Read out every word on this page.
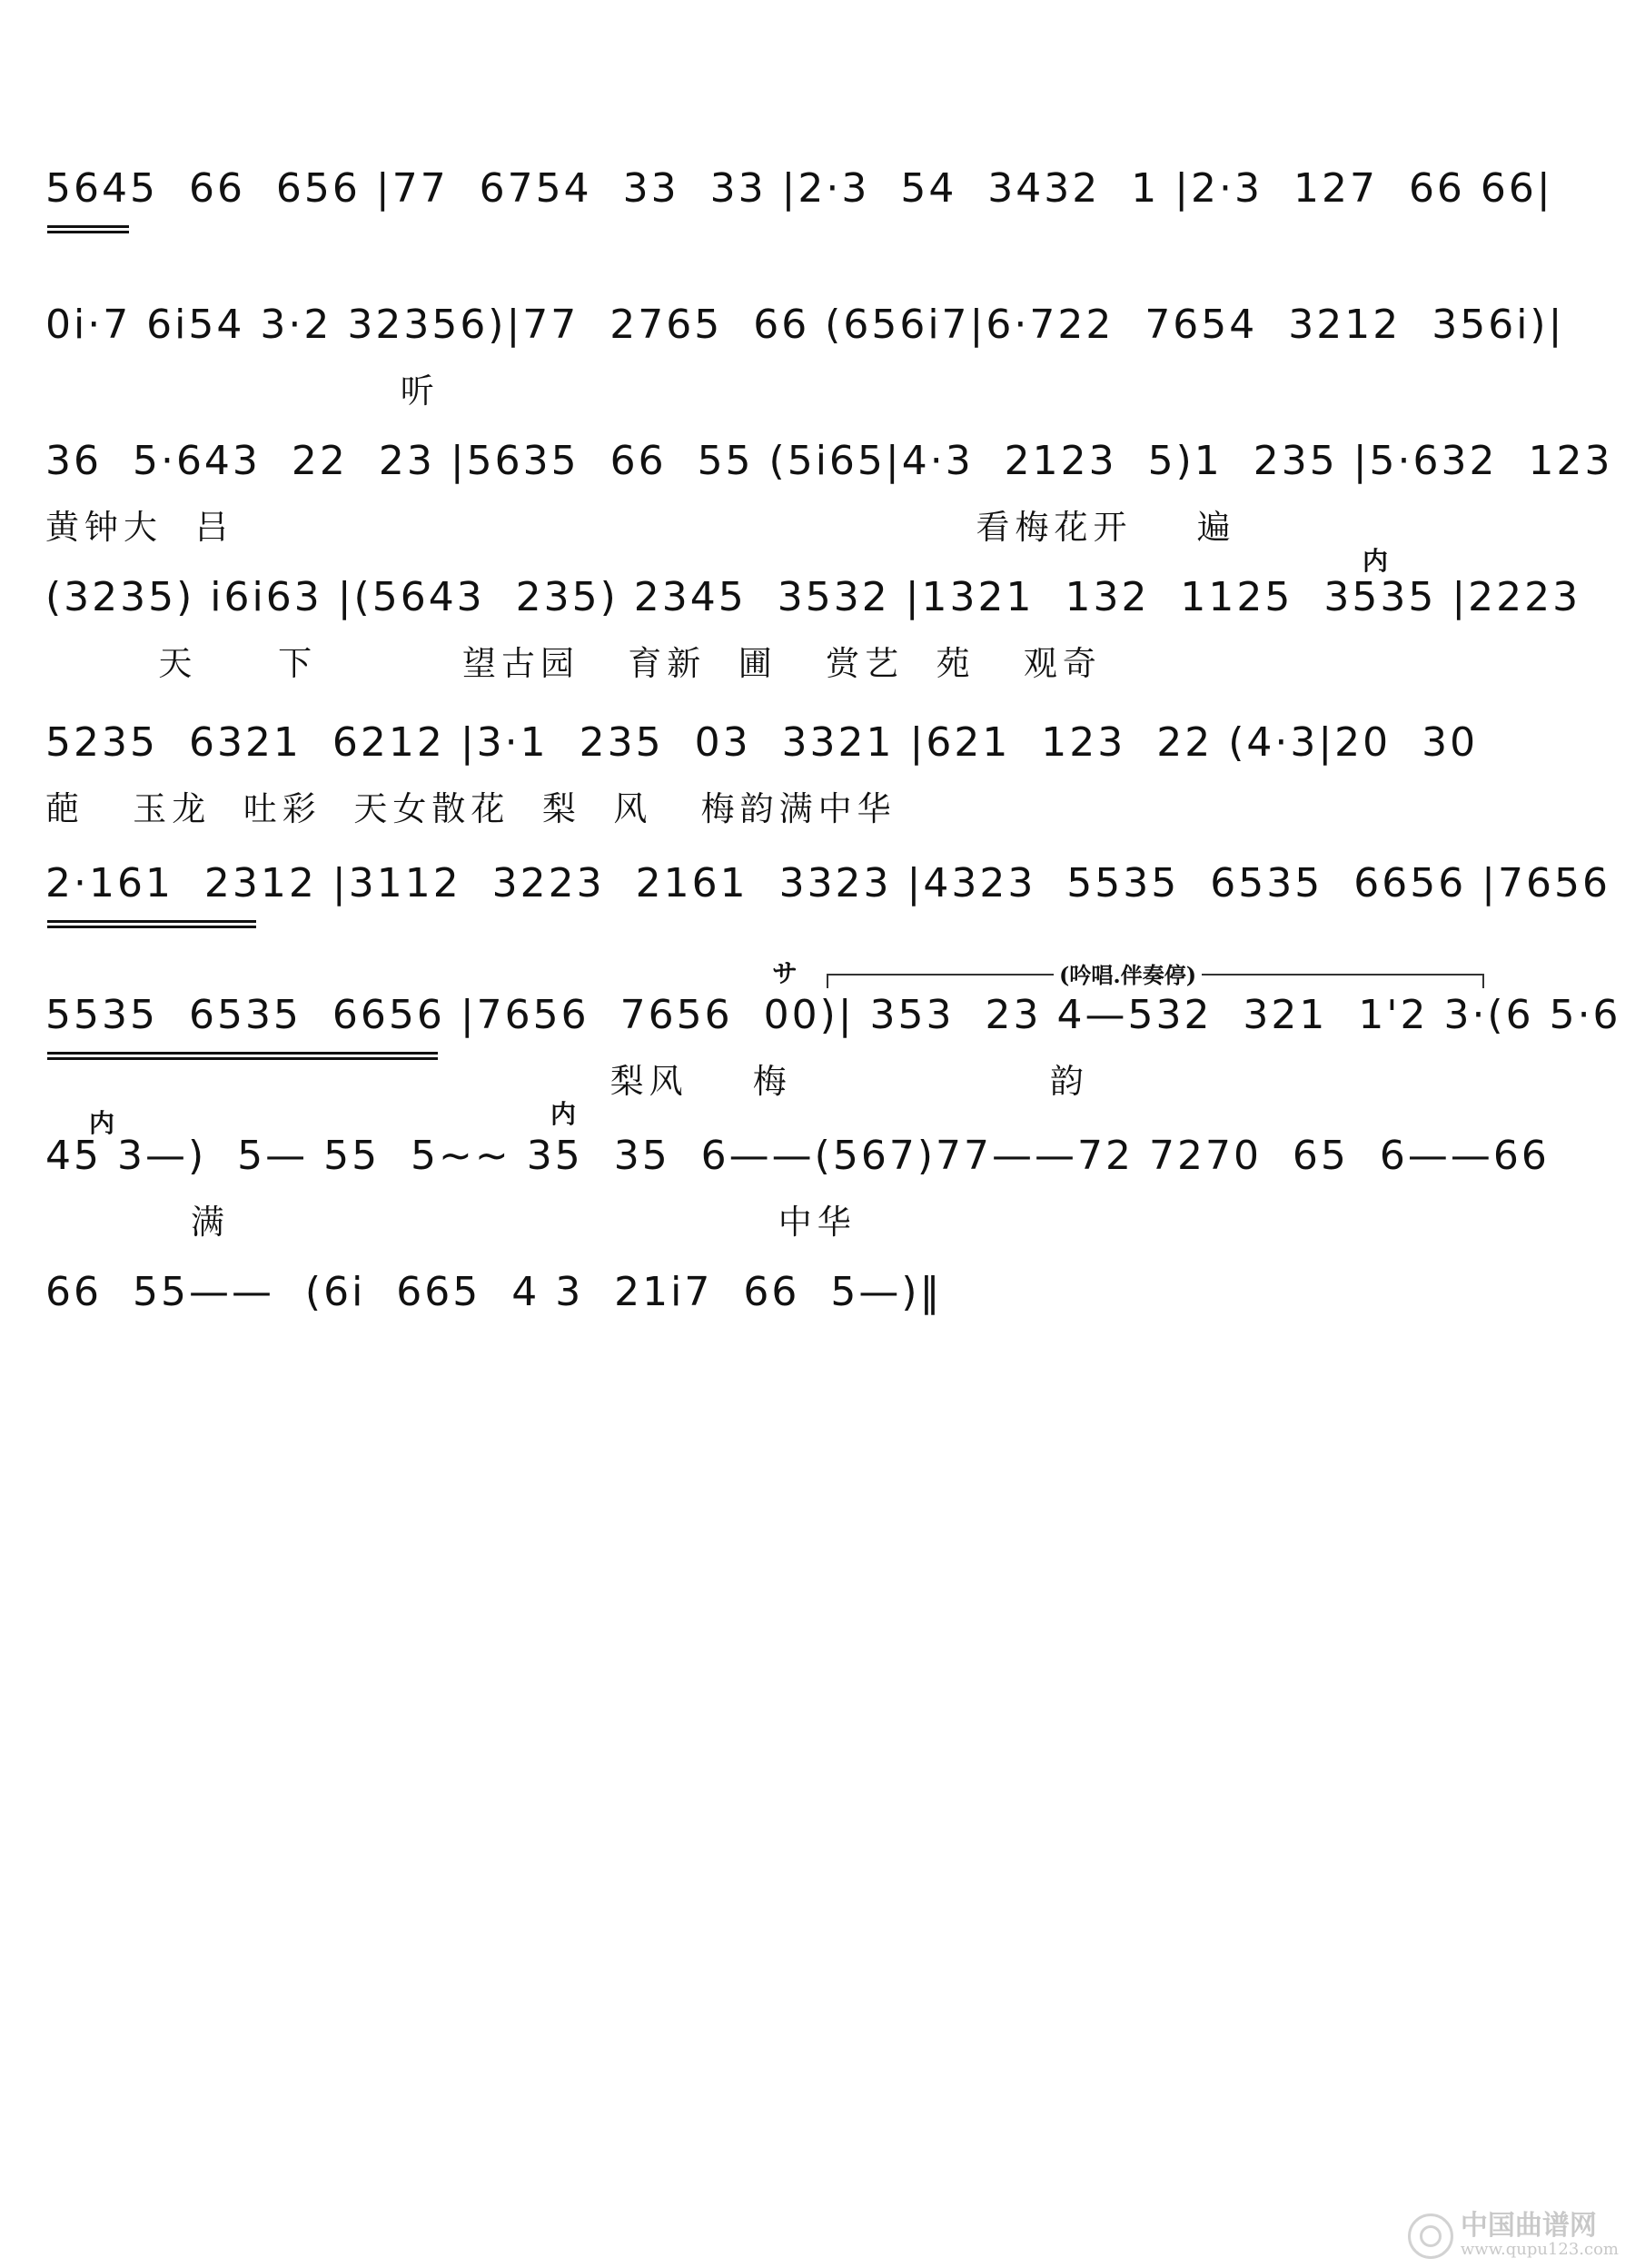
5645  66  656 |77  6754  33  33 |2·3  54  3432  1 |2·3  127  66 66|
0i·7 6i54 3·2 32356)|77  2765  66 (656i7|6·722  7654  3212  356i)|
听
36  5·643  22  23 |5635  66  55 (5i65|4·3  2123  5)1  235 |5·632  123
黄钟大  吕                                              看梅花开    遍
内
(3235) i6i63 |(5643  235) 2345  3532 |1321  132  1125  3535 |2223
天     下         望古园   育新  圃   赏艺  苑   观奇
5235  6321  6212 |3·1  235  03  3321 |621  123  22 (4·3|20  30
葩   玉龙  吐彩  天女散花  梨  风   梅韵满中华
2·161  2312 |3112  3223  2161  3323 |4323  5535  6535  6656 |7656
サ	(吟唱.伴奏停)
5535  6535  6656 |7656  7656  00)| 353  23 4—532  321  1'2 3·(6 5·6
梨风    梅                韵
内	内
45 3—)  5— 55  5~~ 35  35  6——(567)77——72 7270  65  6——66
满                                  中华
66  55——  (6i  665  4 3  21i7  66  5—)‖
中国曲谱网
www.qupu123.com
